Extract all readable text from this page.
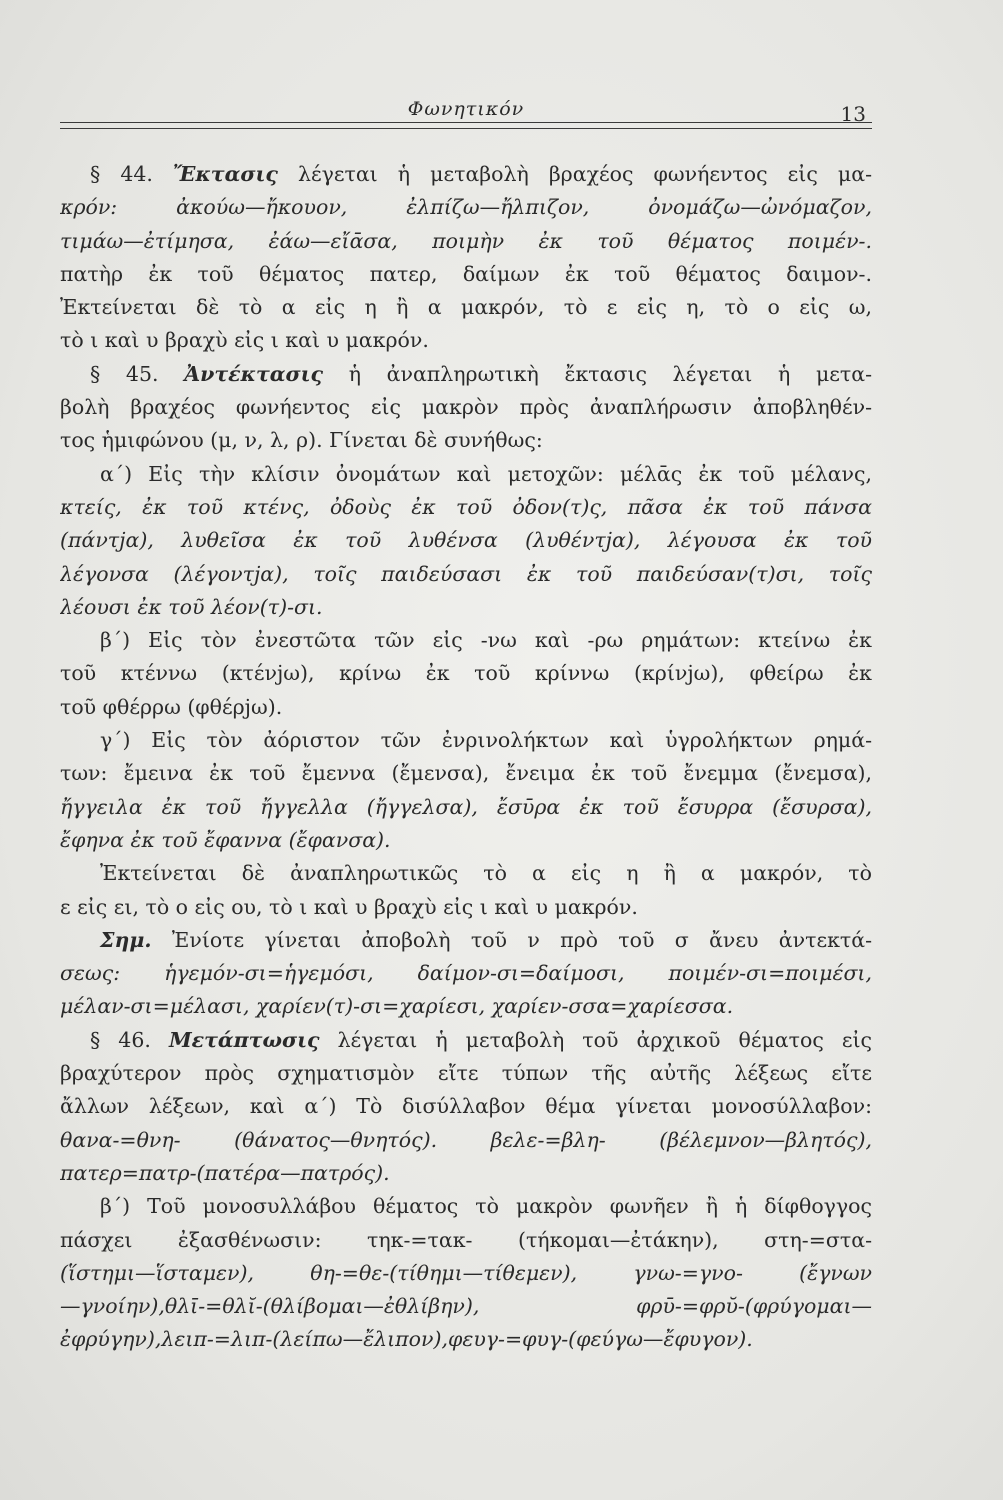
Φωνητικόν	13
§ 44. Ἔκτασις λέγεται ἡ μεταβολὴ βραχέος φωνήεντος εἰς μα-
κρόν: ἀκούω—ἤκουον, ἐλπίζω—ἤλπιζον, ὀνομάζω—ὠνόμαζον,
τιμάω—ἐτίμησα, ἐάω—εἴᾱσα, ποιμὴν ἐκ τοῦ θέματος ποιμέν-.
πατὴρ ἐκ τοῦ θέματος πατερ, δαίμων ἐκ τοῦ θέματος δαιμον-.
Ἐκτείνεται δὲ τὸ α εἰς η ἢ α μακρόν, τὸ ε εἰς η, τὸ ο εἰς ω,
τὸ ι καὶ υ βραχὺ εἰς ι καὶ υ μακρόν.
§ 45. Ἀντέκτασις ἡ ἀναπληρωτικὴ ἔκτασις λέγεται ἡ μετα-
βολὴ βραχέος φωνήεντος εἰς μακρὸν πρὸς ἀναπλήρωσιν ἀποβληθέν-
τος ἡμιφώνου (μ, ν, λ, ρ). Γίνεται δὲ συνήθως:
α΄) Εἰς τὴν κλίσιν ὀνομάτων καὶ μετοχῶν: μέλᾱς ἐκ τοῦ μέλανς,
κτείς, ἐκ τοῦ κτένς, ὀδοὺς ἐκ τοῦ ὀδον(τ)ς, πᾶσα ἐκ τοῦ πάνσα
(πάντjα), λυθεῖσα ἐκ τοῦ λυθένσα (λυθέντjα), λέγουσα ἐκ τοῦ
λέγονσα (λέγοντjα), τοῖς παιδεύσασι ἐκ τοῦ παιδεύσαν(τ)σι, τοῖς
λέουσι ἐκ τοῦ λέον(τ)-σι.
β΄) Εἰς τὸν ἐνεστῶτα τῶν εἰς -νω καὶ -ρω ρημάτων: κτείνω ἐκ
τοῦ κτέννω (κτένjω), κρίνω ἐκ τοῦ κρίννω (κρίνjω), φθείρω ἐκ
τοῦ φθέρρω (φθέρjω).
γ΄) Εἰς τὸν ἀόριστον τῶν ἐνρινολήκτων καὶ ὑγρολήκτων ρημά-
των: ἔμεινα ἐκ τοῦ ἔμεννα (ἔμενσα), ἔνειμα ἐκ τοῦ ἔνεμμα (ἔνεμσα),
ἤγγειλα ἐκ τοῦ ἤγγελλα (ἤγγελσα), ἔσῡρα ἐκ τοῦ ἔσυρρα (ἔσυρσα),
ἔφηνα ἐκ τοῦ ἔφαννα (ἔφανσα).
Ἐκτείνεται δὲ ἀναπληρωτικῶς τὸ α εἰς η ἢ α μακρόν, τὸ
ε εἰς ει, τὸ ο εἰς ου, τὸ ι καὶ υ βραχὺ εἰς ι καὶ υ μακρόν.
Σημ. Ἐνίοτε γίνεται ἀποβολὴ τοῦ ν πρὸ τοῦ σ ἄνευ ἀντεκτά-
σεως: ἡγεμόν-σι=ἡγεμόσι, δαίμον-σι=δαίμοσι, ποιμέν-σι=ποιμέσι,
μέλαν-σι=μέλασι, χαρίεν(τ)-σι=χαρίεσι, χαρίεν-σσα=χαρίεσσα.
§ 46. Μετάπτωσις λέγεται ἡ μεταβολὴ τοῦ ἀρχικοῦ θέματος εἰς
βραχύτερον πρὸς σχηματισμὸν εἴτε τύπων τῆς αὐτῆς λέξεως εἴτε
ἄλλων λέξεων, καὶ α΄) Τὸ δισύλλαβον θέμα γίνεται μονοσύλλαβον:
θανα-=θνη- (θάνατος—θνητός). βελε-=βλη- (βέλεμνον—βλητός),
πατερ=πατρ-(πατέρα—πατρός).
β΄) Τοῦ μονοσυλλάβου θέματος τὸ μακρὸν φωνῆεν ἢ ἡ δίφθογγος
πάσχει ἐξασθένωσιν: τηκ-=τακ- (τήκομαι—ἐτάκην), στη-=στα-
(ἵστημι—ἵσταμεν), θη-=θε-(τίθημι—τίθεμεν), γνω-=γνο- (ἔγνων
—γνοίην),θλῑ-=θλῐ-(θλίβομαι—ἐθλίβην), φρῡ-=φρῠ-(φρύγομαι—
ἐφρύγην),λειπ-=λιπ-(λείπω—ἔλιπον),φευγ-=φυγ-(φεύγω—ἔφυγον).
